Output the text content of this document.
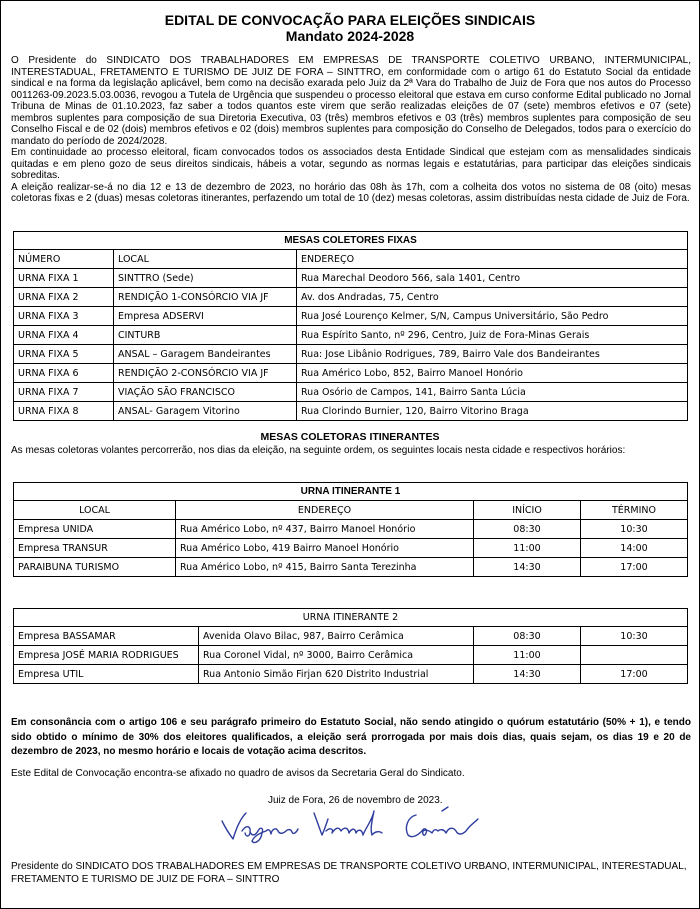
EDITAL DE CONVOCAÇÃO PARA ELEIÇÕES SINDICAIS
Mandato 2024-2028

O Presidente do SINDICATO DOS TRABALHADORES EM EMPRESAS DE TRANSPORTE COLETIVO URBANO, INTERMUNICIPAL, INTERESTADUAL, FRETAMENTO E TURISMO DE JUIZ DE FORA – SINTTRO, em conformidade com o artigo 61 do Estatuto Social da entidade sindical e na forma da legislação aplicável, bem como na decisão exarada pelo Juiz da 2ª Vara do Trabalho de Juiz de Fora que nos autos do Processo 0011263-09.2023.5.03.0036, revogou a Tutela de Urgência que suspendeu o processo eleitoral que estava em curso conforme Edital publicado no Jornal Tribuna de Minas de 01.10.2023, faz saber a todos quantos este virem que serão realizadas eleições de 07 (sete) membros efetivos e 07 (sete) membros suplentes para composição de sua Diretoria Executiva, 03 (três) membros efetivos e 03 (três) membros suplentes para composição de seu Conselho Fiscal e de 02 (dois) membros efetivos e 02 (dois) membros suplentes para composição do Conselho de Delegados, todos para o exercício do mandato do período de 2024/2028.

Em continuidade ao processo eleitoral, ficam convocados todos os associados desta Entidade Sindical que estejam com as mensalidades sindicais quitadas e em pleno gozo de seus direitos sindicais, hábeis a votar, segundo as normas legais e estatutárias, para participar das eleições sindicais sobreditas.

A eleição realizar-se-á no dia 12 e 13 de dezembro de 2023, no horário das 08h às 17h, com a colheita dos votos no sistema de 08 (oito) mesas coletoras fixas e 2 (duas) mesas coletoras itinerantes, perfazendo um total de 10 (dez) mesas coletoras, assim distribuídas nesta cidade de Juiz de Fora.

MESAS COLETORES FIXAS		
NÚMERO	LOCAL	ENDEREÇO
URNA FIXA 1	SINTTRO (Sede)	Rua Marechal Deodoro 566, sala 1401, Centro
URNA FIXA 2	RENDIÇÃO 1-CONSÓRCIO VIA JF	Av. dos Andradas, 75, Centro
URNA FIXA 3	Empresa ADSERVI	Rua José Lourenço Kelmer, S/N, Campus Universitário, São Pedro
URNA FIXA 4	CINTURB	Rua Espírito Santo, nº 296, Centro, Juiz de Fora-Minas Gerais
URNA FIXA 5	ANSAL – Garagem Bandeirantes	Rua: Jose Libânio Rodrigues, 789, Bairro Vale dos Bandeirantes
URNA FIXA 6	RENDIÇÃO 2-CONSÓRCIO VIA JF	Rua Américo Lobo, 852, Bairro Manoel Honório
URNA FIXA 7	VIAÇÃO SÃO FRANCISCO	Rua Osório de Campos, 141, Bairro Santa Lúcia
URNA FIXA 8	ANSAL- Garagem Vitorino	Rua Clorindo Burnier, 120, Bairro Vitorino Braga
MESAS COLETORAS ITINERANTES
As mesas coletoras volantes percorrerão, nos dias da eleição, na seguinte ordem, os seguintes locais nesta cidade e respectivos horários:
URNA ITINERANTE 1			
LOCAL	ENDEREÇO	INÍCIO	TÉRMINO
Empresa UNIDA	Rua Américo Lobo, nº 437, Bairro Manoel Honório	08:30	10:30
Empresa TRANSUR	Rua Américo Lobo, 419 Bairro Manoel Honório	11:00	14:00
PARAIBUNA TURISMO	Rua Américo Lobo, nº 415, Bairro Santa Terezinha	14:30	17:00
URNA ITINERANTE 2			
Empresa BASSAMAR	Avenida Olavo Bilac, 987, Bairro Cerâmica	08:30	10:30
Empresa JOSÉ MARIA RODRIGUES	Rua Coronel Vidal, nº 3000, Bairro Cerâmica	11:00	
Empresa UTIL	Rua Antonio Simão Firjan 620 Distrito Industrial	14:30	17:00
Em consonância com o artigo 106 e seu parágrafo primeiro do Estatuto Social, não sendo atingido o quórum estatutário (50% + 1), e tendo sido obtido o mínimo de 30% dos eleitores qualificados, a eleição será prorrogada por mais dois dias, quais sejam, os dias 19 e 20 de dezembro de 2023, no mesmo horário e locais de votação acima descritos.
Este Edital de Convocação encontra-se afixado no quadro de avisos da Secretaria Geral do Sindicato.
Juiz de Fora, 26 de novembro de 2023.
Presidente do SINDICATO DOS TRABALHADORES EM EMPRESAS DE TRANSPORTE COLETIVO URBANO, INTERMUNICIPAL, INTERESTADUAL, FRETAMENTO E TURISMO DE JUIZ DE FORA – SINTTRO
